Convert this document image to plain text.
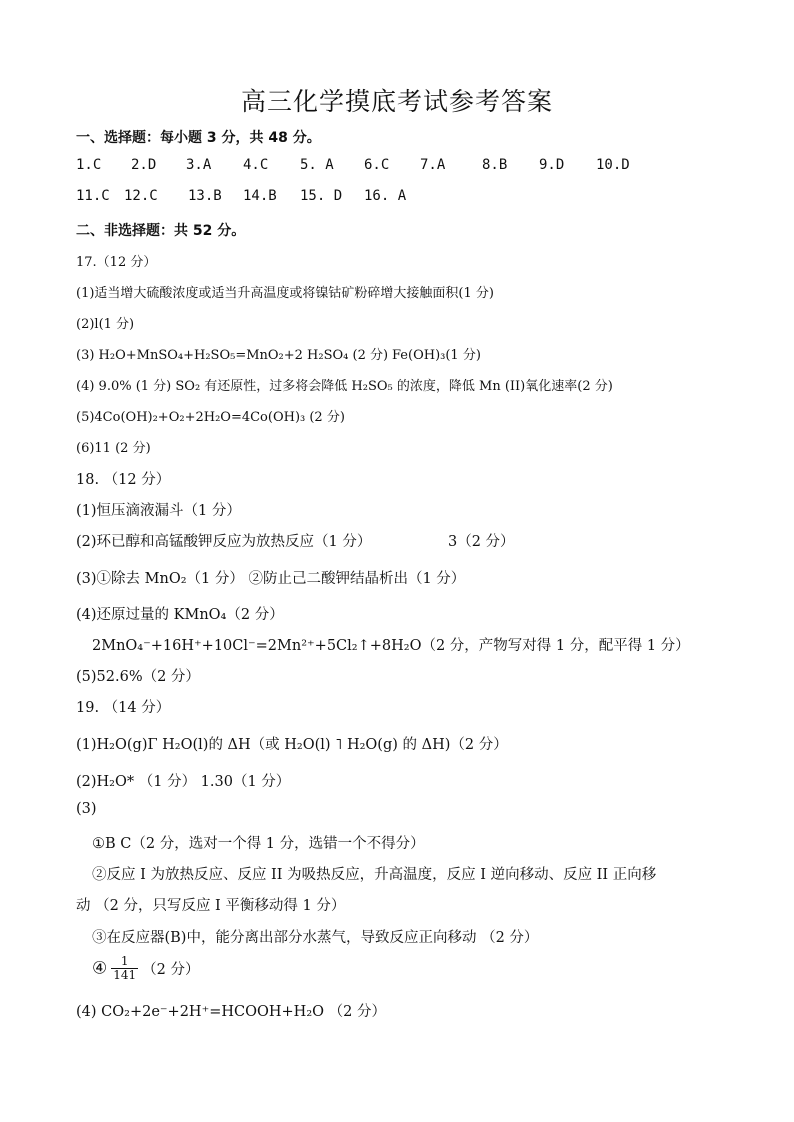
高三化学摸底考试参考答案
一、选择题：每小题 3 分，共 48 分。
1.C 2.D 3.A 4.C 5. A 6.C 7.A	8.B 9.D 10.D
11.C 12.C 13.B 14.B 15. D 16. A
二、非选择题：共 52 分。
17.（12 分）
(1)适当增大硫酸浓度或适当升高温度或将镍钴矿粉碎增大接触面积(1 分)
(2)l(1 分)
(3) H₂O+MnSO₄+H₂SO₅=MnO₂+2 H₂SO₄ (2 分) Fe(OH)₃(1 分)
(4) 9.0% (1 分) SO₂ 有还原性，过多将会降低 H₂SO₅ 的浓度，降低 Mn (II)氧化速率(2 分)
(5)4Co(OH)₂+O₂+2H₂O=4Co(OH)₃ (2 分)
(6)11 (2 分)
18. （12 分）
(1)恒压滴液漏斗（1 分）
(2)环已醇和高锰酸钾反应为放热反应（1 分）	3（2 分）
(3)①除去 MnO₂（1 分） ②防止己二酸钾结晶析出（1 分）
(4)还原过量的 KMnO₄（2 分）
2MnO₄⁻+16H⁺+10Cl⁻=2Mn²⁺+5Cl₂↑+8H₂O（2 分，产物写对得 1 分，配平得 1 分）
(5)52.6%（2 分）
19. （14 分）
(1)H₂O(g)Γ H₂O(l)的 ΔH（或 H₂O(l) ˥ H₂O(g) 的 ΔH)（2 分）
(2)H₂O* （1 分） 1.30（1 分）
(3)
①B C（2 分，选对一个得 1 分，选错一个不得分）
②反应 I 为放热反应、反应 II 为吸热反应，升高温度，反应 I 逆向移动、反应 II 正向移
动 （2 分，只写反应 I 平衡移动得 1 分）
③在反应器(B)中，能分离出部分水蒸气，导致反应正向移动 （2 分）
④ $\frac{1}{141} (2$ 分）
(4) CO₂+2e⁻+2H⁺=HCOOH+H₂O （2 分）
